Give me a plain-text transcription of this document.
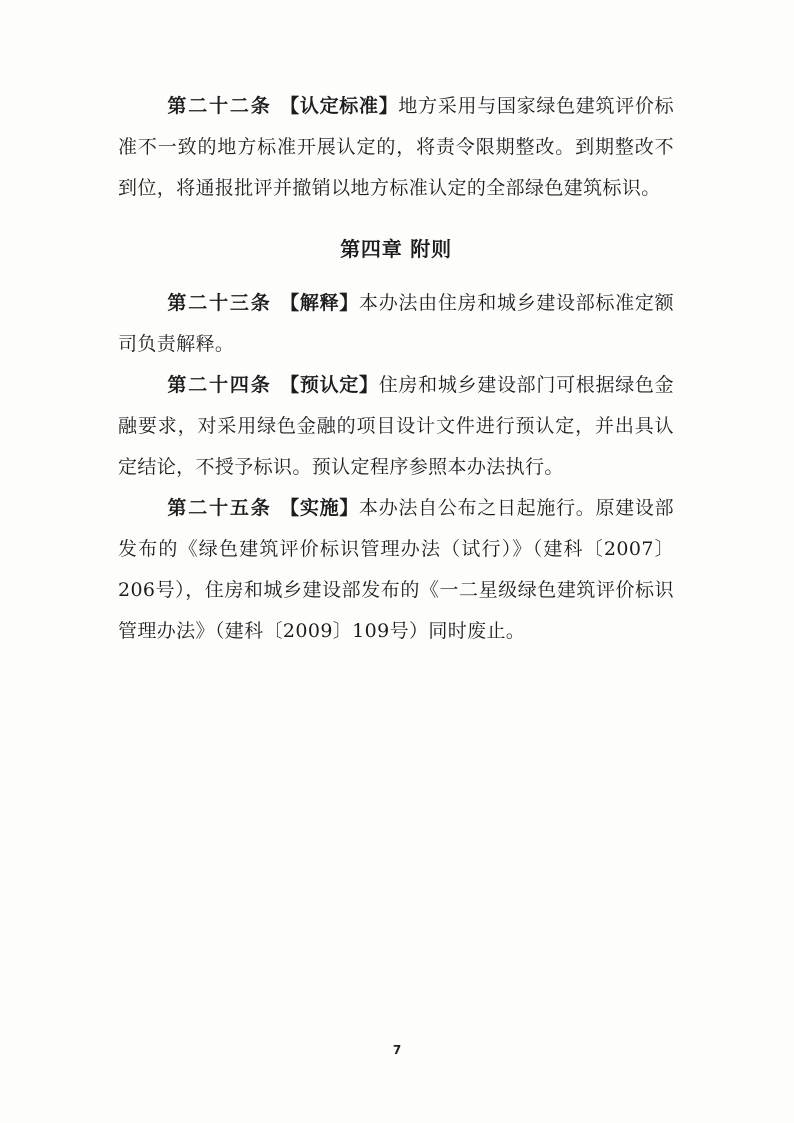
第二十二条 【认定标准】地方采用与国家绿色建筑评价标准不一致的地方标准开展认定的，将责令限期整改。到期整改不到位，将通报批评并撤销以地方标准认定的全部绿色建筑标识。

第四章 附则

第二十三条 【解释】本办法由住房和城乡建设部标准定额司负责解释。

第二十四条 【预认定】住房和城乡建设部门可根据绿色金融要求，对采用绿色金融的项目设计文件进行预认定，并出具认定结论，不授予标识。预认定程序参照本办法执行。

第二十五条 【实施】本办法自公布之日起施行。原建设部发布的《绿色建筑评价标识管理办法（试行）》（建科〔2007〕206号），住房和城乡建设部发布的《一二星级绿色建筑评价标识管理办法》（建科〔2009〕109号）同时废止。

7
